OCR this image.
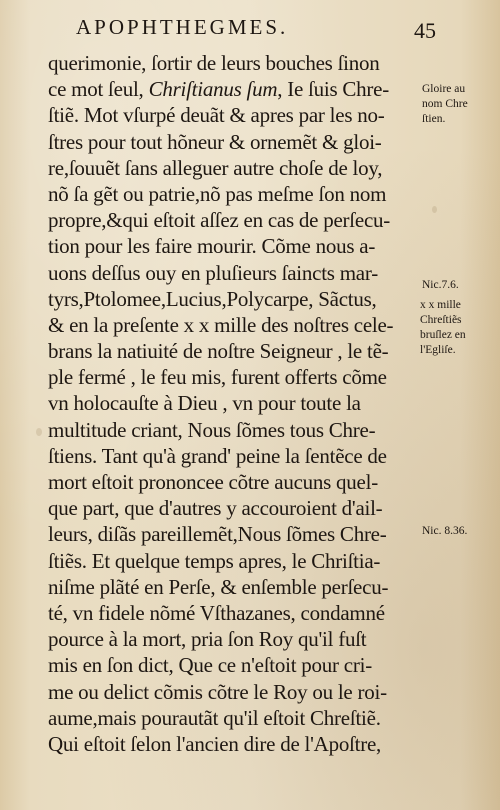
APOPHTHEGMES.	45
querimonie, ſortir de leurs bouches ſinon
ce mot ſeul, Chriſtianus ſum, Ie ſuis Chre-
ſtiẽ. Mot vſurpé deuãt & apres par les no-
ſtres pour tout hõneur & ornemẽt & gloi-
re,ſouuẽt ſans alleguer autre choſe de loy,
nõ ſa gẽt ou patrie,nõ pas meſme ſon nom
propre,&qui eſtoit aſſez en cas de perſecu-
tion pour les faire mourir. Cõme nous a-
uons deſſus ouy en pluſieurs ſaincts mar-
tyrs,Ptolomee,Lucius,Polycarpe, Sãctus,
& en la preſente x x mille des noſtres cele-
brans la natiuité de noſtre Seigneur , le tẽ-
ple fermé , le feu mis, furent offerts cõme
vn holocauſte à Dieu , vn pour toute la
multitude criant, Nous ſõmes tous Chre-
ſtiens. Tant qu'à grand' peine la ſentẽce de
mort eſtoit prononcee cõtre aucuns quel-
que part, que d'autres y accouroient d'ail-
leurs, diſãs pareillemẽt,Nous ſõmes Chre-
ſtiẽs. Et quelque temps apres, le Chriſtia-
niſme plãté en Perſe, & enſemble perſecu-
té, vn fidele nõmé Vſthazanes, condamné
pource à la mort, pria ſon Roy qu'il fuſt
mis en ſon dict, Que ce n'eſtoit pour cri-
me ou delict cõmis cõtre le Roy ou le roi-
aume,mais pourautãt qu'il eſtoit Chreſtiẽ.
Qui eſtoit ſelon l'ancien dire de l'Apoſtre,
Gloire au
nom Chre
ſtien.
Nic.7.6.
x x mille
Chreſtiẽs
bruſlez en
l'Egliſe.
Nic. 8.36.
